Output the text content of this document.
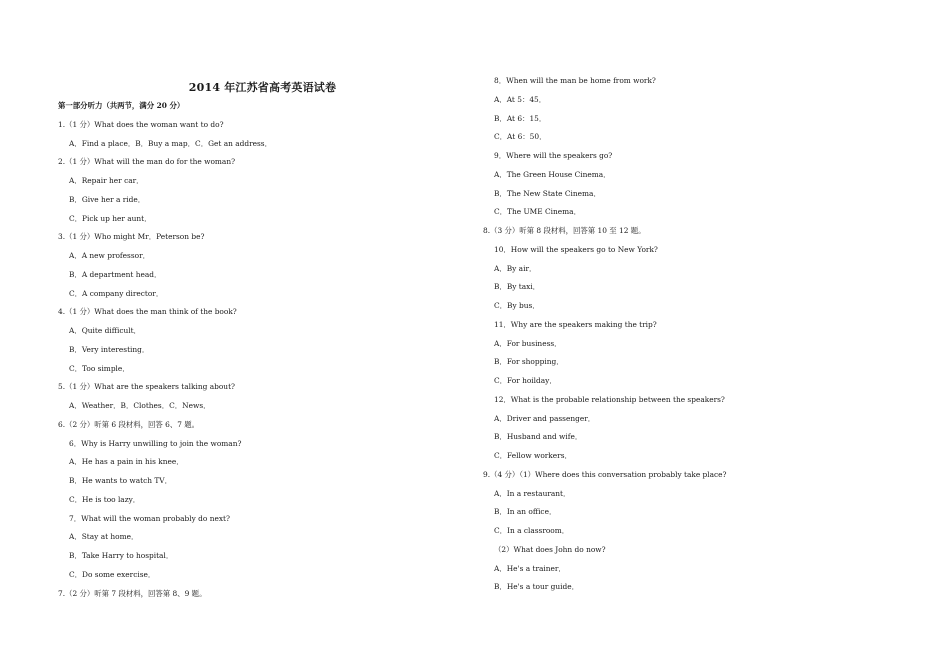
2014 年江苏省高考英语试卷
第一部分听力（共两节，满分 20 分）
1.（1 分）What does the woman want to do?
A．Find a place．B．Buy a map．C．Get an address．
2.（1 分）What will the man do for the woman?
A．Repair her car．
B．Give her a ride．
C．Pick up her aunt．
3.（1 分）Who might Mr．Peterson be?
A．A new professor．
B．A department head．
C．A company director．
4.（1 分）What does the man think of the book?
A．Quite difficult．
B．Very interesting．
C．Too simple．
5.（1 分）What are the speakers talking about?
A．Weather．B．Clothes．C．News．
6.（2 分）听第 6 段材料，回答 6、7 题。
6．Why is Harry unwilling to join the woman?
A．He has a pain in his knee．
B．He wants to watch TV．
C．He is too lazy．
7．What will the woman probably do next?
A．Stay at home．
B．Take Harry to hospital．
C．Do some exercise．
7.（2 分）听第 7 段材料，回答第 8、9 题。
8．When will the man be home from work?
A．At 5：45．
B．At 6：15．
C．At 6：50．
9．Where will the speakers go?
A．The Green House Cinema．
B．The New State Cinema．
C．The UME Cinema．
8.（3 分）听第 8 段材料，回答第 10 至 12 题。
10．How will the speakers go to New York?
A．By air．
B．By taxi．
C．By bus．
11．Why are the speakers making the trip?
A．For business．
B．For shopping．
C．For hoilday．
12．What is the probable relationship between the speakers?
A．Driver and passenger．
B．Husband and wife．
C．Fellow workers．
9.（4 分）（1）Where does this conversation probably take place?
A．In a restaurant．
B．In an office．
C．In a classroom．
（2）What does John do now?
A．He's a trainer．
B．He's a tour guide．
